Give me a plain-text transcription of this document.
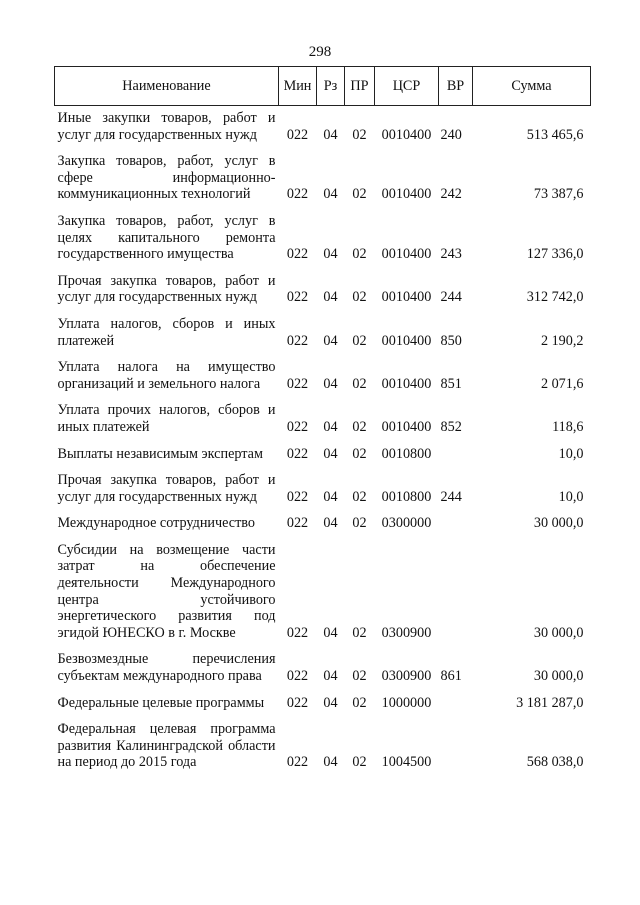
298
Наименование	Мин	Рз	ПР	ЦСР	ВР	Сумма
Иные закупки товаров, работ и услуг для государственных нужд	022	04	02	0010400	240	513 465,6
Закупка товаров, работ, услуг в сфере информационно-коммуникационных технологий	022	04	02	0010400	242	73 387,6
Закупка товаров, работ, услуг в целях капитального ремонта государственного имущества	022	04	02	0010400	243	127 336,0
Прочая закупка товаров, работ и услуг для государственных нужд	022	04	02	0010400	244	312 742,0
Уплата налогов, сборов и иных платежей	022	04	02	0010400	850	2 190,2
Уплата налога на имущество организаций и земельного налога	022	04	02	0010400	851	2 071,6
Уплата прочих налогов, сборов и иных платежей	022	04	02	0010400	852	118,6
Выплаты независимым экспертам	022	04	02	0010800		10,0
Прочая закупка товаров, работ и услуг для государственных нужд	022	04	02	0010800	244	10,0
Международное сотрудничество	022	04	02	0300000		30 000,0
Субсидии на возмещение части затрат на обеспечение деятельности Международного центра устойчивого энергетического развития под эгидой ЮНЕСКО в г. Москве	022	04	02	0300900		30 000,0
Безвозмездные перечисления субъектам международного права	022	04	02	0300900	861	30 000,0
Федеральные целевые программы	022	04	02	1000000		3 181 287,0
Федеральная целевая программа развития Калининградской области на период до 2015 года	022	04	02	1004500		568 038,0
